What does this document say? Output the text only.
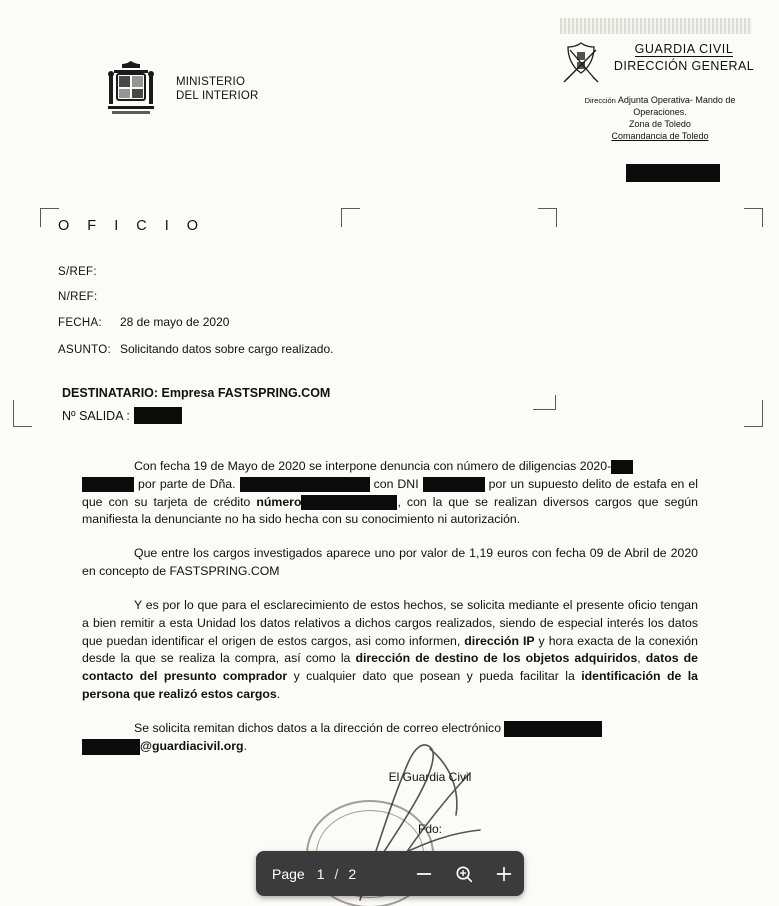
MINISTERIO
DEL INTERIOR
GUARDIA CIVIL
DIRECCIÓN GENERAL
Dirección Adjunta Operativa- Mando de
Operaciones.
Zona de Toledo
Comandancia de Toledo
O F I C I O
S/REF:
N/REF:
FECHA:	28 de mayo de 2020
ASUNTO: Solicitando datos sobre cargo realizado.
DESTINATARIO: Empresa FASTSPRING.COM
Nº SALIDA :

Con fecha 19 de Mayo de 2020 se interpone denuncia con número de diligencias 2020-
por parte de Dña.	con DNI	por un supuesto delito de estafa en el que con su tarjeta de crédito número	, con la que se realizan diversos cargos que según manifiesta la denunciante no ha sido hecha con su conocimiento ni autorización.

Que entre los cargos investigados aparece uno por valor de 1,19 euros con fecha 09 de Abril de 2020 en concepto de FASTSPRING.COM

Y es por lo que para el esclarecimiento de estos hechos, se solicita mediante el presente oficio tengan a bien remitir a esta Unidad los datos relativos a dichos cargos realizados, siendo de especial interés los datos que puedan identificar el origen de estos cargos, asi como informen, dirección IP y hora exacta de la conexión desde la que se realiza la compra, así como la dirección de destino de los objetos adquiridos, datos de contacto del presunto comprador y cualquier dato que posean y pueda facilitar la identificación de la persona que realizó estos cargos.

Se solicita remitan dichos datos a la dirección de correo electrónico
@guardiacivil.org.

El Guardia Civil
Fdo:
Page 1 / 2
